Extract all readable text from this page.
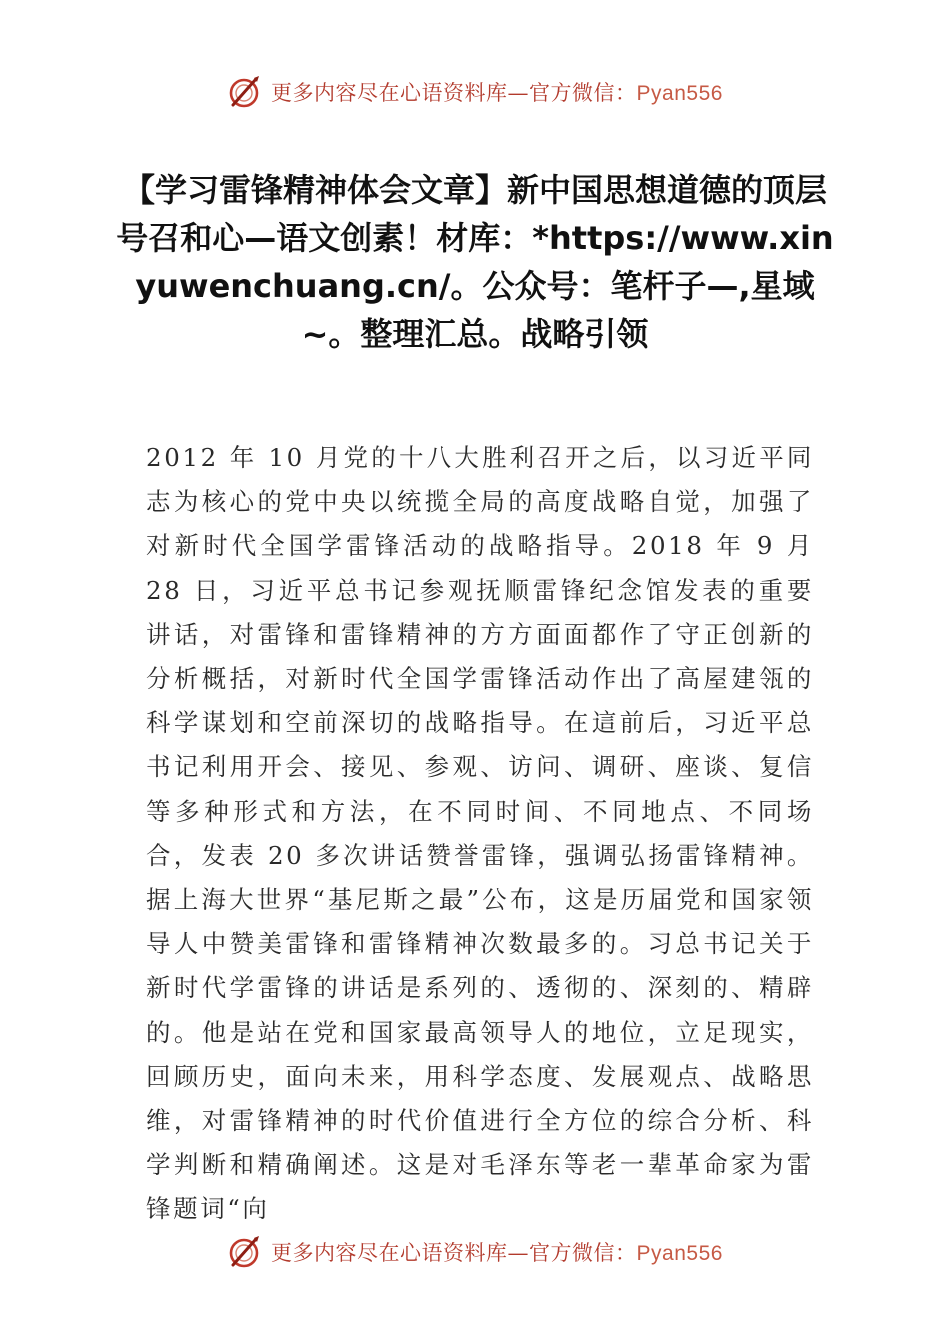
更多内容尽在心语资料库—官方微信：Pyan556
【学习雷锋精神体会文章】新中国思想道德的顶层号召和心—语文创素！材库：*https://www.xinyuwenchuang.cn/。公众号：笔杆子—,星域~。整理汇总。战略引领

2012 年 10 月党的十八大胜利召开之后，以习近平同志为核心的党中央以统揽全局的高度战略自觉，加强了对新时代全国学雷锋活动的战略指导。2018 年 9 月 28 日，习近平总书记参观抚顺雷锋纪念馆发表的重要讲话，对雷锋和雷锋精神的方方面面都作了守正创新的分析概括，对新时代全国学雷锋活动作出了高屋建瓴的科学谋划和空前深切的战略指导。在這前后，习近平总书记利用开会、接见、参观、访问、调研、座谈、复信等多种形式和方法，在不同时间、不同地点、不同场合，发表 20 多次讲话赞誉雷锋，强调弘扬雷锋精神。据上海大世界“基尼斯之最”公布，这是历届党和国家领导人中赞美雷锋和雷锋精神次数最多的。习总书记关于新时代学雷锋的讲话是系列的、透彻的、深刻的、精辟的。他是站在党和国家最高领导人的地位，立足现实，回顾历史，面向未来，用科学态度、发展观点、战略思维，对雷锋精神的时代价值进行全方位的综合分析、科学判断和精确阐述。这是对毛泽东等老一辈革命家为雷锋题词“向

更多内容尽在心语资料库—官方微信：Pyan556
